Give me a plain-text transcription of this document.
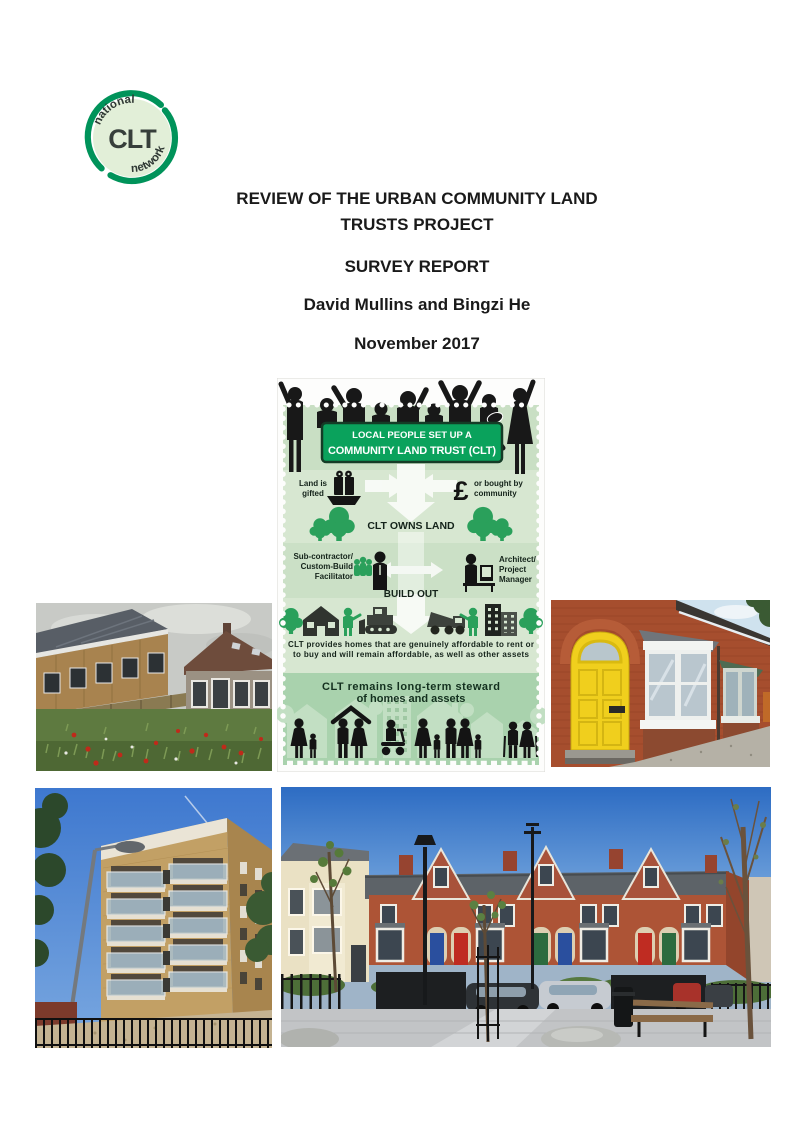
national
network
CLT
REVIEW OF THE URBAN COMMUNITY LAND
TRUSTS PROJECT
SURVEY REPORT
David Mullins and Bingzi He
November 2017
LOCAL PEOPLE SET UP A
COMMUNITY LAND TRUST (CLT)
Land is
gifted	£ or bought by
community
CLT OWNS LAND
Sub-contractor/
Custom-Build
Facilitator
Architect/
Project
Manager
BUILD OUT
CLT provides homes that are genuinely affordable to rent or
to buy and will remain affordable, as well as other assets
CLT remains long-term steward
of homes and assets
